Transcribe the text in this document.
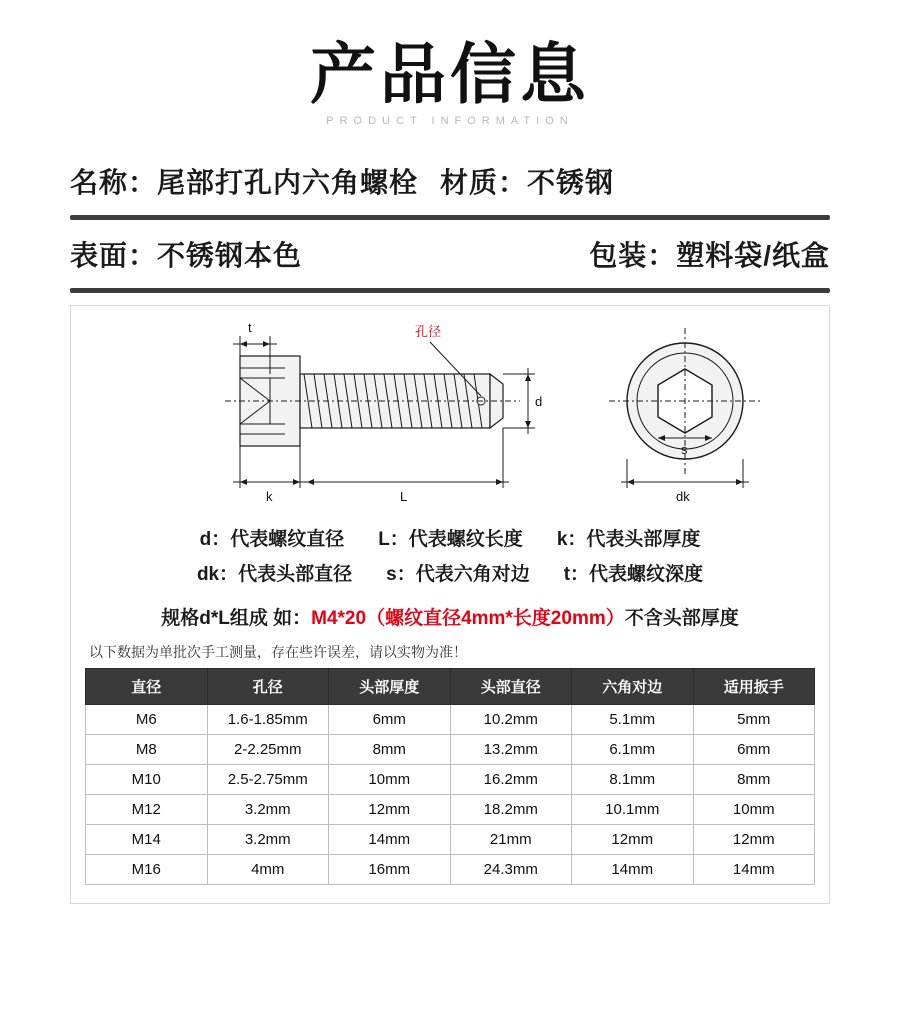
产品信息
PRODUCT INFORMATION
名称：尾部打孔内六角螺栓 材质：不锈钢
表面：不锈钢本色	包装：塑料袋/纸盒
孔径
t
d
k	L
s
dk
d：代表螺纹直径 L：代表螺纹长度 k：代表头部厚度
dk：代表头部直径 s：代表六角对边 t：代表螺纹深度
规格d*L组成 如：M4*20（螺纹直径4mm*长度20mm）不含头部厚度
以下数据为单批次手工测量，存在些许误差，请以实物为准！
直径	孔径	头部厚度	头部直径	六角对边	适用扳手
M6	1.6-1.85mm	6mm	10.2mm	5.1mm	5mm
M8	2-2.25mm	8mm	13.2mm	6.1mm	6mm
M10	2.5-2.75mm	10mm	16.2mm	8.1mm	8mm
M12	3.2mm	12mm	18.2mm	10.1mm	10mm
M14	3.2mm	14mm	21mm	12mm	12mm
M16	4mm	16mm	24.3mm	14mm	14mm
